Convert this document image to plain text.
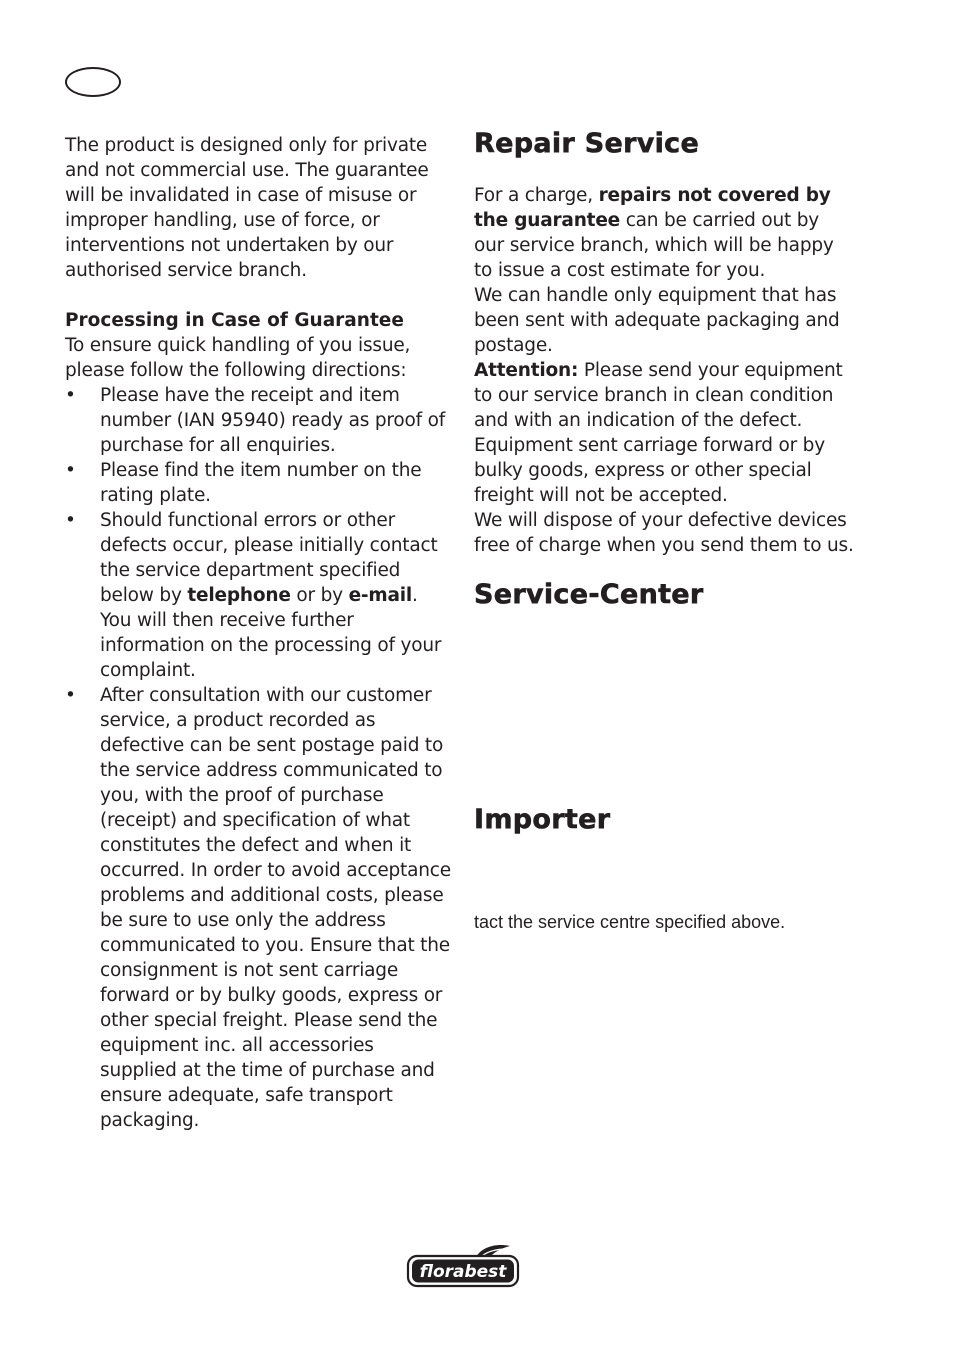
The product is designed only for private and not commercial use. The guarantee will be invalidated in case of misuse or improper handling, use of force, or interventions not undertaken by our authorised service branch.

Processing in Case of Guarantee

To ensure quick handling of you issue, please follow the following directions:

• Please have the receipt and item number (IAN 95940) ready as proof of purchase for all enquiries.
• Please find the item number on the rating plate.
• Should functional errors or other defects occur, please initially contact the service department specified below by telephone or by e-mail. You will then receive further information on the processing of your complaint.
• After consultation with our customer service, a product recorded as defective can be sent postage paid to the service address communicated to you, with the proof of purchase (receipt) and specification of what constitutes the defect and when it occurred. In order to avoid acceptance problems and additional costs, please be sure to use only the address communicated to you. Ensure that the consignment is not sent carriage forward or by bulky goods, express or other special freight. Please send the equipment inc. all accessories supplied at the time of purchase and ensure adequate, safe transport packaging.
Repair Service

For a charge, repairs not covered by the guarantee can be carried out by our service branch, which will be happy to issue a cost estimate for you.

We can handle only equipment that has been sent with adequate packaging and postage.

Attention: Please send your equipment to our service branch in clean condition and with an indication of the defect.

Equipment sent carriage forward or by bulky goods, express or other special freight will not be accepted.

We will dispose of your defective devices free of charge when you send them to us.

Service-Center
Importer

tact the service centre specified above.

florabest
